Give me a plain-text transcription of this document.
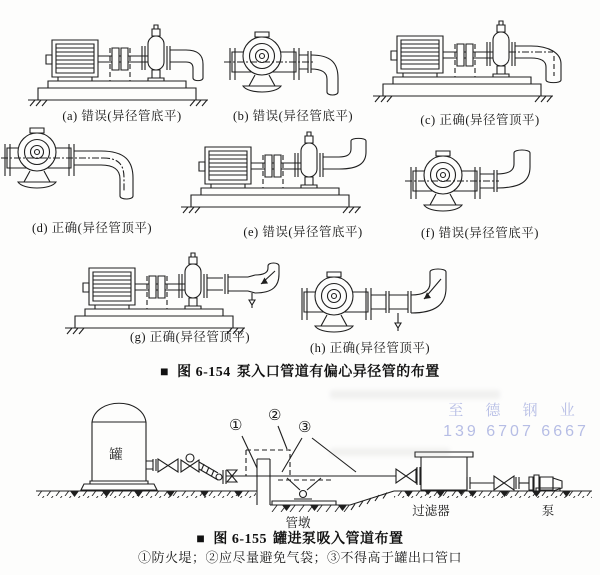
(a) 错误(异径管底平)	(b) 错误(异径管底平)	(c) 正确(异径管顶平)
(d) 正确(异径管顶平)	(e) 错误(异径管底平)	(f) 错误(异径管底平)
(g) 正确(异径管顶平)
(h) 正确(异径管顶平)
■ 图 6-154 泵入口管道有偏心异径管的布置
罐
管墩
过滤器	泵
①
②
③
至 德 钢 业
139 6707 6667
■ 图 6-155 罐进泵吸入管道布置
①防火堤；②应尽量避免气袋；③不得高于罐出口管口
